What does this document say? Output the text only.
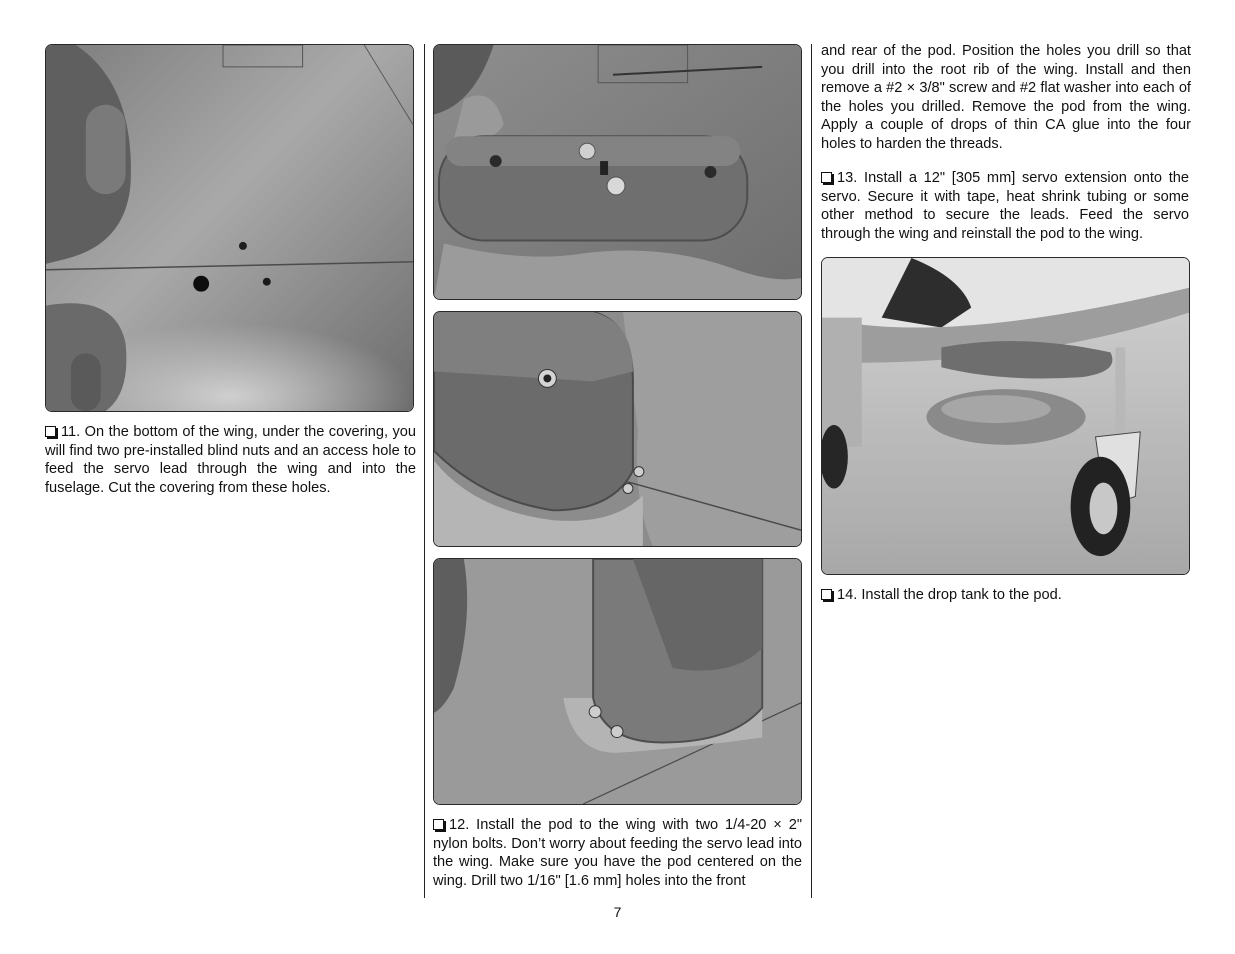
11. On the bottom of the wing, under the covering, you will find two pre-installed blind nuts and an access hole to feed the servo lead through the wing and into the fuselage. Cut the covering from these holes.

12. Install the pod to the wing with two 1/4-20 × 2" nylon bolts. Don’t worry about feeding the servo lead into the wing. Make sure you have the pod centered on the wing. Drill two 1/16" [1.6 mm] holes into the front

and rear of the pod. Position the holes you drill so that you drill into the root rib of the wing. Install and then remove a #2 × 3/8" screw and #2 flat washer into each of the holes you drilled. Remove the pod from the wing. Apply a couple of drops of thin CA glue into the four holes to harden the threads.

13. Install a 12" [305 mm] servo extension onto the servo. Secure it with tape, heat shrink tubing or some other method to secure the leads. Feed the servo through the wing and reinstall the pod to the wing.

14. Install the drop tank to the pod.

7
